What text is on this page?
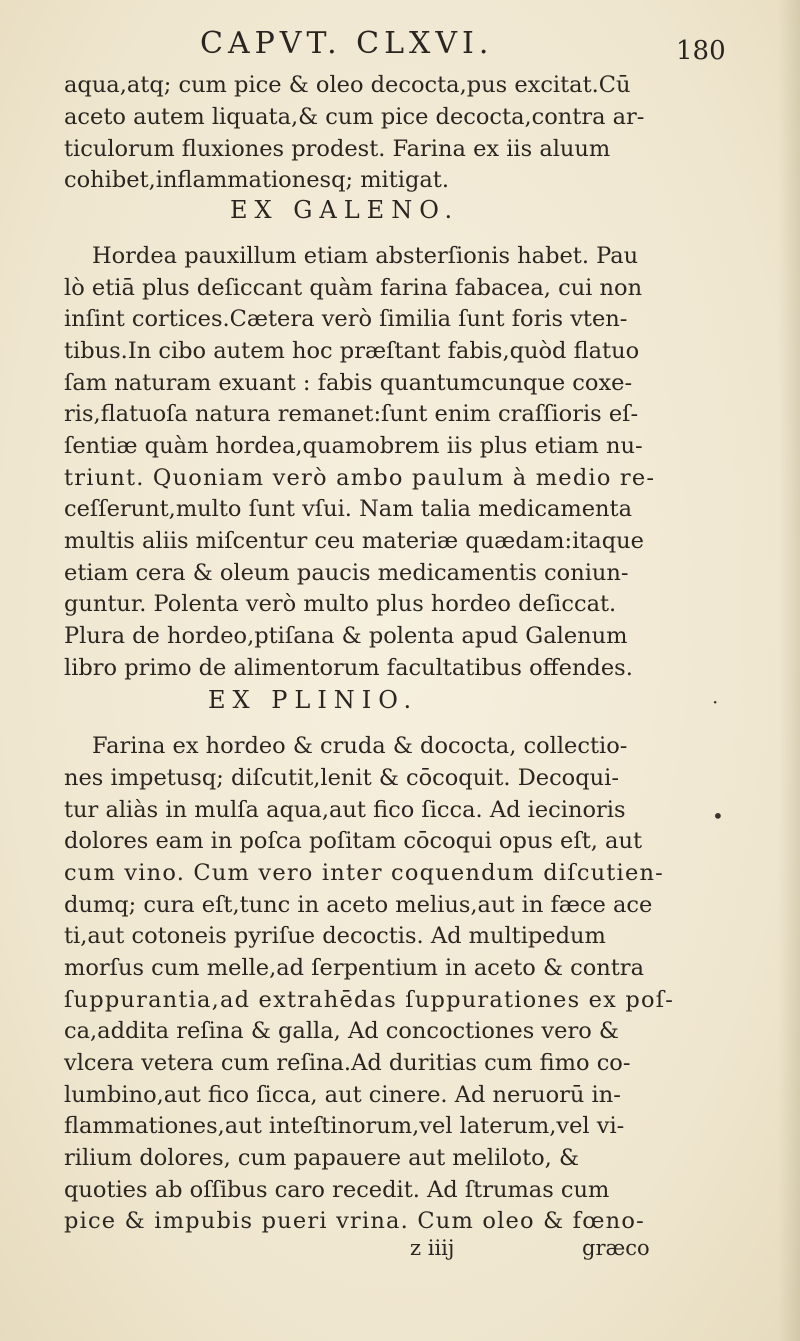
CAPVT. CLXVI.	180
aqua,atq; cum pice & oleo decocta,pus excitat.Cū
aceto autem liquata,& cum pice decocta,contra ar-
ticulorum fluxiones prodest. Farina ex iis aluum
cohibet,inflammationesq; mitigat.
EX GALENO.
Hordea pauxillum etiam absterſionis habet. Pau
lò etiā plus deſiccant quàm farina fabacea, cui non
inſint cortices.Cætera verò ſimilia ſunt foris vten-
tibus.In cibo autem hoc præſtant fabis,quòd flatuo
ſam naturam exuant : fabis quantumcunque coxe-
ris,flatuoſa natura remanet:ſunt enim craſſioris eſ-
ſentiæ quàm hordea,quamobrem iis plus etiam nu-
triunt. Quoniam verò ambo paulum à medio re-
ceſſerunt,multo ſunt vſui. Nam talia medicamenta
multis aliis miſcentur ceu materiæ quædam:itaque
etiam cera & oleum paucis medicamentis coniun-
guntur. Polenta verò multo plus hordeo deſiccat.
Plura de hordeo,ptiſana & polenta apud Galenum
libro primo de alimentorum facultatibus offendes.
EX PLINIO.
Farina ex hordeo & cruda & dococta, collectio-
nes impetusq; diſcutit,lenit & cōcoquit. Decoqui-
tur aliàs in mulſa aqua,aut fico ſicca. Ad iecinoris
dolores eam in poſca poſitam cōcoqui opus eſt, aut
cum vino. Cum vero inter coquendum diſcutien-
dumq; cura eſt,tunc in aceto melius,aut in fæce ace
ti,aut cotoneis pyriſue decoctis. Ad multipedum
morſus cum melle,ad ſerpentium in aceto & contra
ſuppurantia,ad extrahēdas ſuppurationes ex poſ-
ca,addita reſina & galla, Ad concoctiones vero &
vlcera vetera cum reſina.Ad duritias cum fimo co-
lumbino,aut fico ſicca, aut cinere. Ad neruorū in-
flammationes,aut inteſtinorum,vel laterum,vel vi-
rilium dolores, cum papauere aut meliloto, &
quoties ab oſſibus caro recedit. Ad ſtrumas cum
pice & impubis pueri vrina. Cum oleo & fœno-
·
•
z iiij	græco
